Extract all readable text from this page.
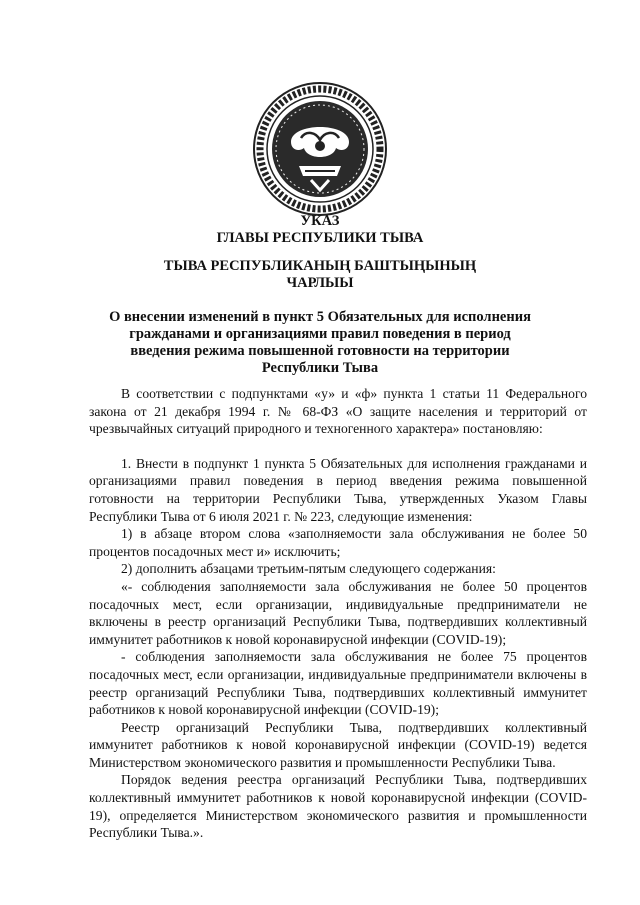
УКАЗ
ГЛАВЫ РЕСПУБЛИКИ ТЫВА
ТЫВА РЕСПУБЛИКАНЫҢ БАШТЫҢЫНЫҢ
ЧАРЛЫЫ
О внесении изменений в пункт 5 Обязательных для исполнения
гражданами и организациями правил поведения в период
введения режима повышенной готовности на территории
Республики Тыва

В соответствии с подпунктами «у» и «ф» пункта 1 статьи 11 Федерального закона от 21 декабря 1994 г. № 68-ФЗ «О защите населения и территорий от чрезвычайных ситуаций природного и техногенного характера» постановляю:

1. Внести в подпункт 1 пункта 5 Обязательных для исполнения гражданами и организациями правил поведения в период введения режима повышенной готовности на территории Республики Тыва, утвержденных Указом Главы Республики Тыва от 6 июля 2021 г. № 223, следующие изменения:

1) в абзаце втором слова «заполняемости зала обслуживания не более 50 процентов посадочных мест и» исключить;

2) дополнить абзацами третьим-пятым следующего содержания:

«- соблюдения заполняемости зала обслуживания не более 50 процентов посадочных мест, если организации, индивидуальные предприниматели не включены в реестр организаций Республики Тыва, подтвердивших коллективный иммунитет работников к новой коронавирусной инфекции (COVID-19);

- соблюдения заполняемости зала обслуживания не более 75 процентов посадочных мест, если организации, индивидуальные предприниматели включены в реестр организаций Республики Тыва, подтвердивших коллективный иммунитет работников к новой коронавирусной инфекции (COVID-19);

Реестр организаций Республики Тыва, подтвердивших коллективный иммунитет работников к новой коронавирусной инфекции (COVID-19) ведется Министерством экономического развития и промышленности Республики Тыва.

Порядок ведения реестра организаций Республики Тыва, подтвердивших коллективный иммунитет работников к новой коронавирусной инфекции (COVID-19), определяется Министерством экономического развития и промышленности Республики Тыва.».
